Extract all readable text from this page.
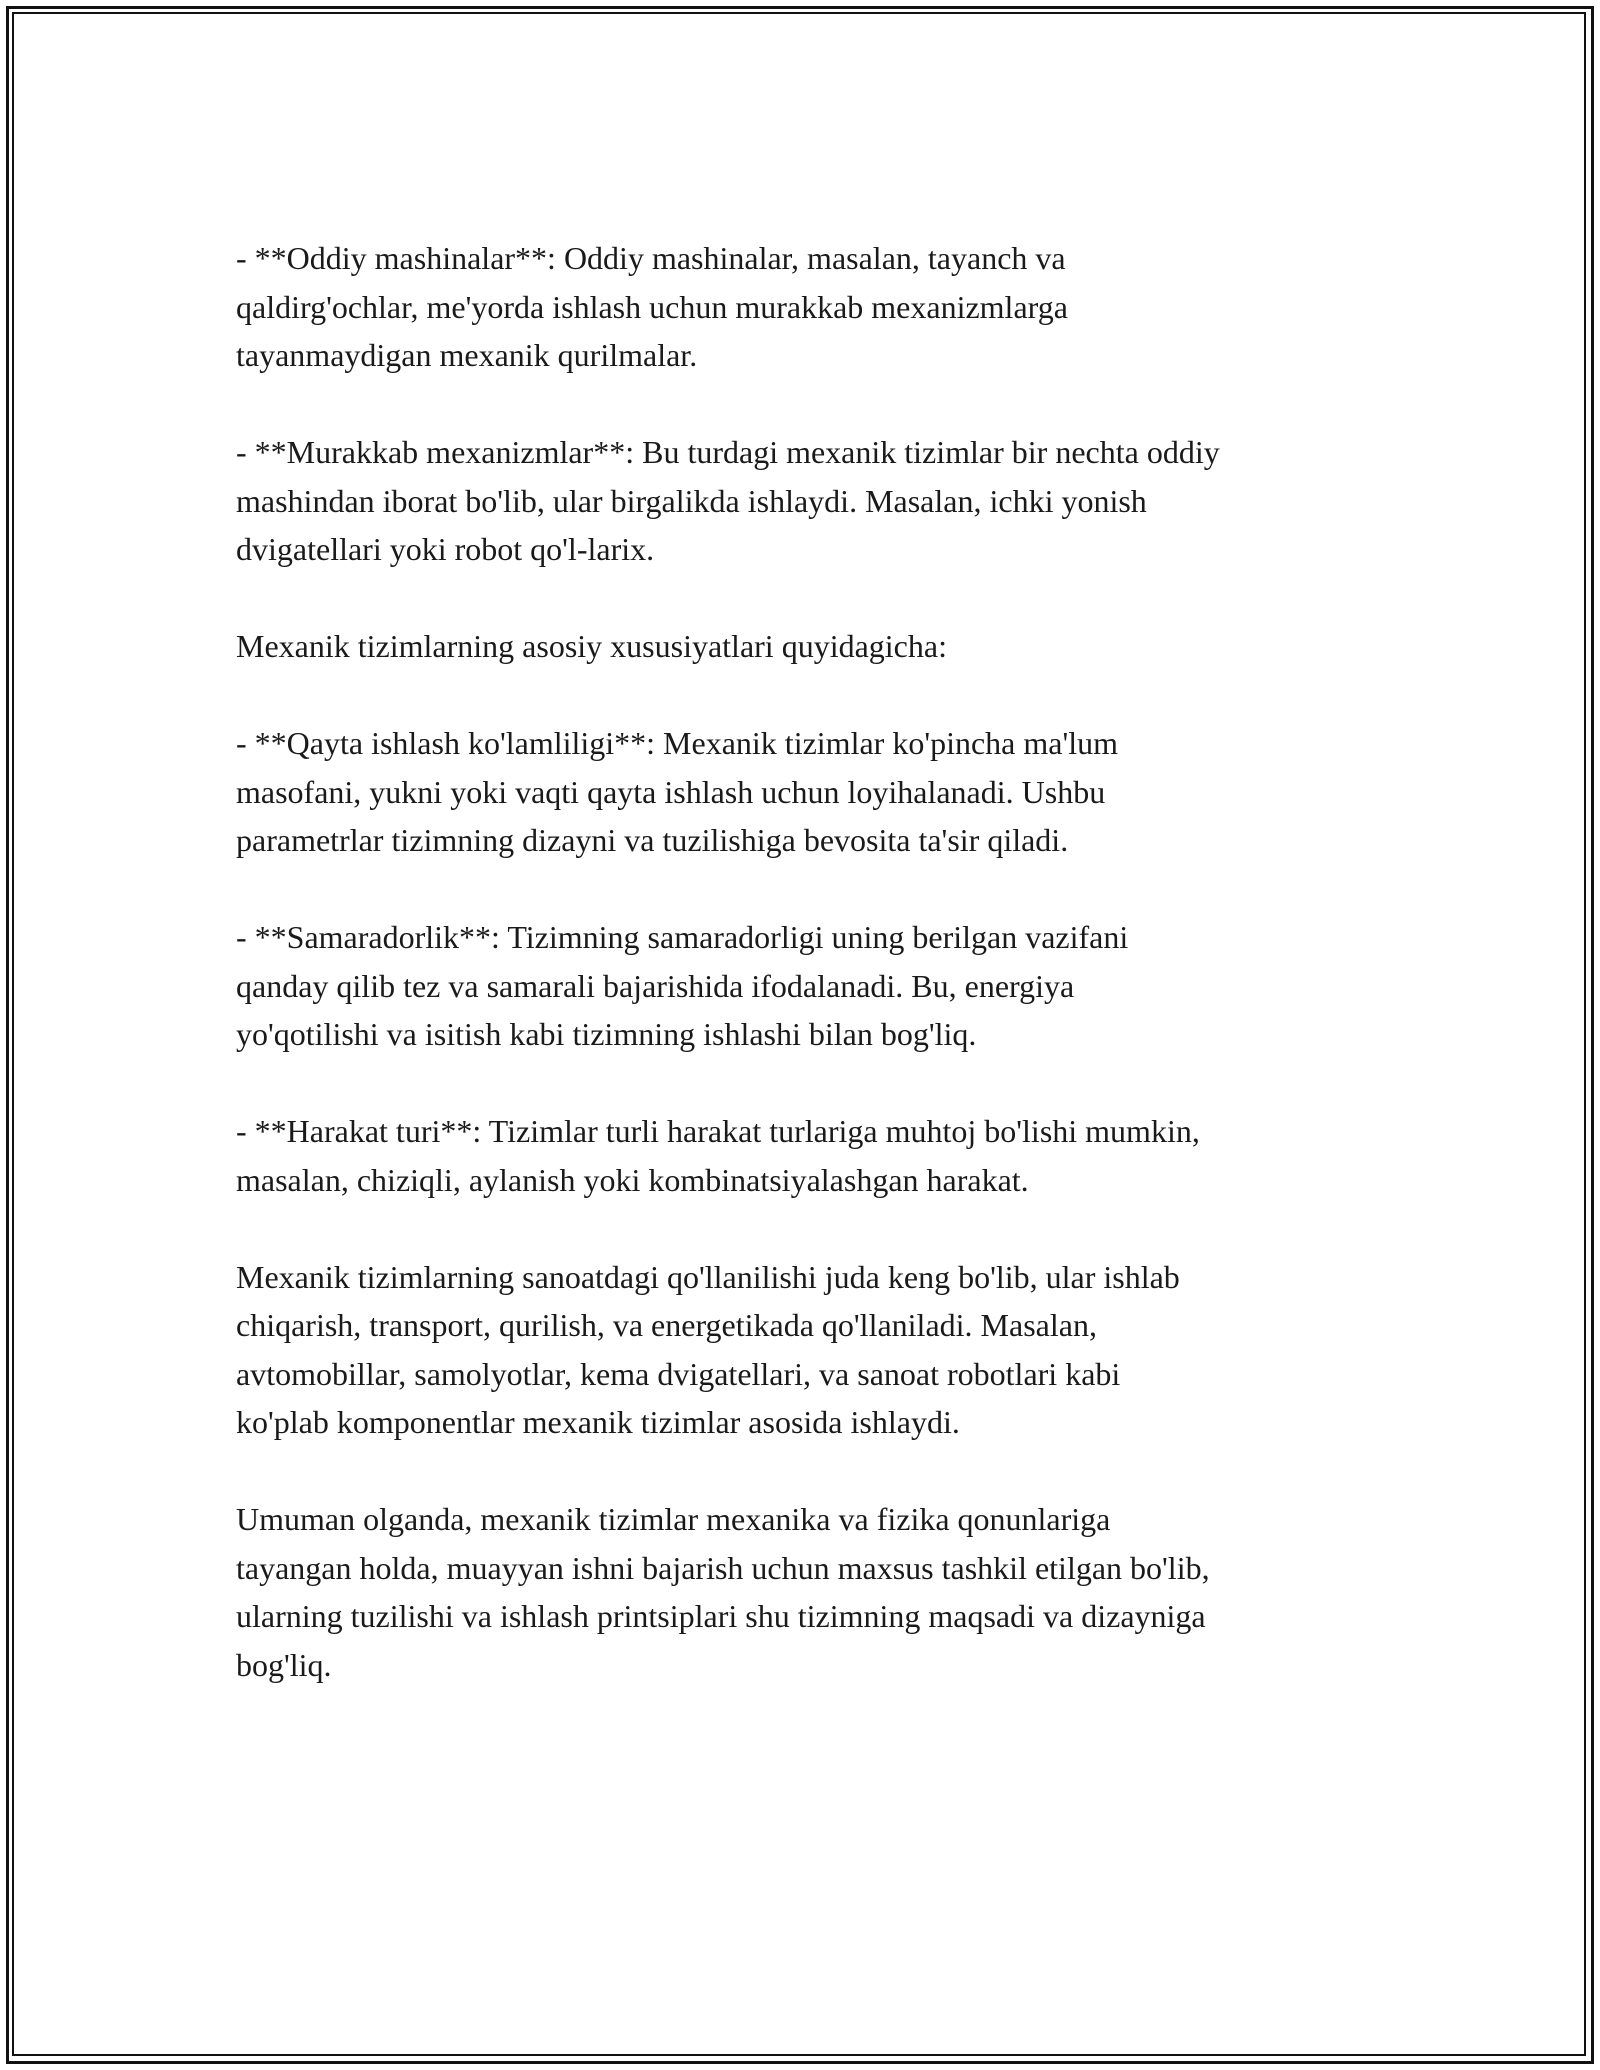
- **Oddiy mashinalar**: Oddiy mashinalar, masalan, tayanch va
qaldirg'ochlar, me'yorda ishlash uchun murakkab mexanizmlarga
tayanmaydigan mexanik qurilmalar.

- **Murakkab mexanizmlar**: Bu turdagi mexanik tizimlar bir nechta oddiy
mashindan iborat bo'lib, ular birgalikda ishlaydi. Masalan, ichki yonish
dvigatellari yoki robot qo'l-larix.

Mexanik tizimlarning asosiy xususiyatlari quyidagicha:

- **Qayta ishlash ko'lamliligi**: Mexanik tizimlar ko'pincha ma'lum
masofani, yukni yoki vaqti qayta ishlash uchun loyihalanadi. Ushbu
parametrlar tizimning dizayni va tuzilishiga bevosita ta'sir qiladi.

- **Samaradorlik**: Tizimning samaradorligi uning berilgan vazifani
qanday qilib tez va samarali bajarishida ifodalanadi. Bu, energiya
yo'qotilishi va isitish kabi tizimning ishlashi bilan bog'liq.

- **Harakat turi**: Tizimlar turli harakat turlariga muhtoj bo'lishi mumkin,
masalan, chiziqli, aylanish yoki kombinatsiyalashgan harakat.

Mexanik tizimlarning sanoatdagi qo'llanilishi juda keng bo'lib, ular ishlab
chiqarish, transport, qurilish, va energetikada qo'llaniladi. Masalan,
avtomobillar, samolyotlar, kema dvigatellari, va sanoat robotlari kabi
ko'plab komponentlar mexanik tizimlar asosida ishlaydi.

Umuman olganda, mexanik tizimlar mexanika va fizika qonunlariga
tayangan holda, muayyan ishni bajarish uchun maxsus tashkil etilgan bo'lib,
ularning tuzilishi va ishlash printsiplari shu tizimning maqsadi va dizayniga
bog'liq.
